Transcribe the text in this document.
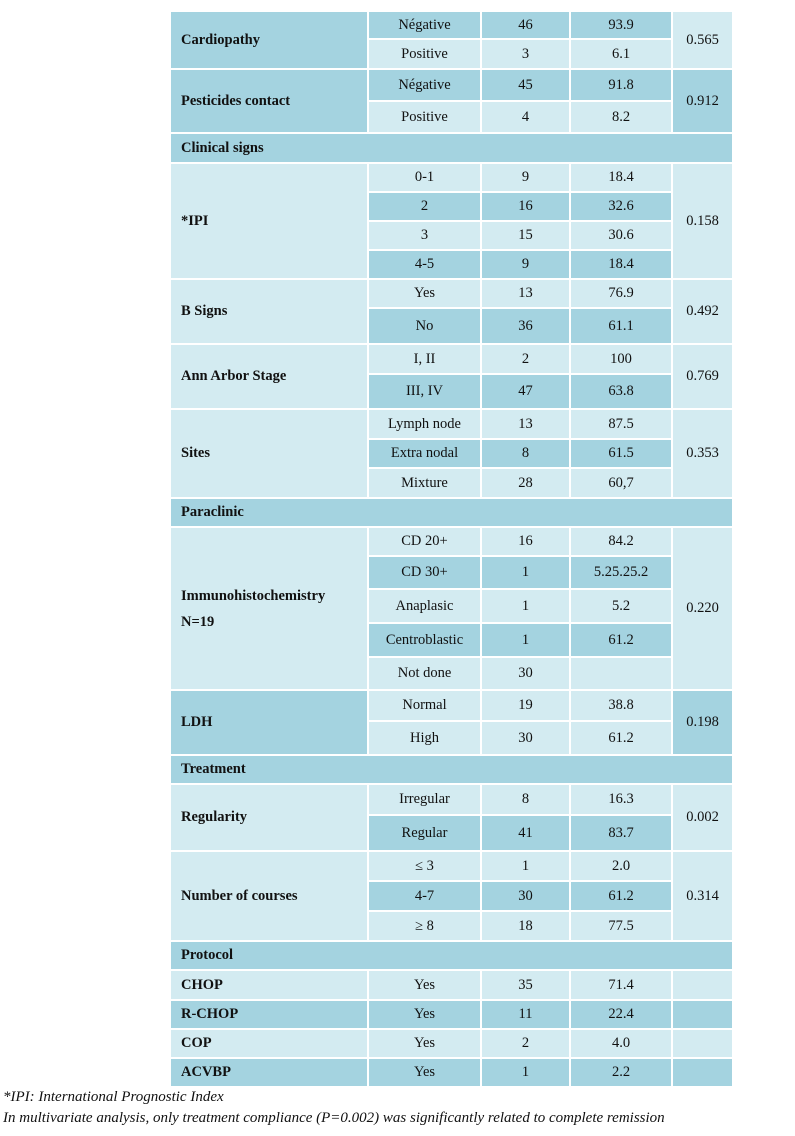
Cardiopathy	Négative	46	93.9	0.565
	Positive	3	6.1	
Pesticides contact	Négative	45	91.8	0.912
	Positive	4	8.2	
Clinical signs				
*IPI	0-1	9	18.4	0.158
	2	16	32.6	
	3	15	30.6	
	4-5	9	18.4	
B Signs	Yes	13	76.9	0.492
	No	36	61.1	
Ann Arbor Stage	I, II	2	100	0.769
	III, IV	47	63.8	
Sites	Lymph node	13	87.5	0.353
	Extra nodal	8	61.5	
	Mixture	28	60,7	
Paraclinic				
Immunohistochemistry
N=19	CD 20+	16	84.2	0.220
	CD 30+	1	5.25.25.2	
	Anaplasic	1	5.2	
	Centroblastic	1	61.2	
	Not done	30		
LDH	Normal	19	38.8	0.198
	High	30	61.2	
Treatment				
Regularity	Irregular	8	16.3	0.002
	Regular	41	83.7	
Number of courses	≤ 3	1	2.0	0.314
	4-7	30	61.2	
	≥ 8	18	77.5	
Protocol				
CHOP	Yes	35	71.4	
R-CHOP	Yes	11	22.4	
COP	Yes	2	4.0	
ACVBP	Yes	1	2.2	
*IPI: International Prognostic Index
In multivariate analysis, only treatment compliance (P=0.002) was significantly related to complete remission
